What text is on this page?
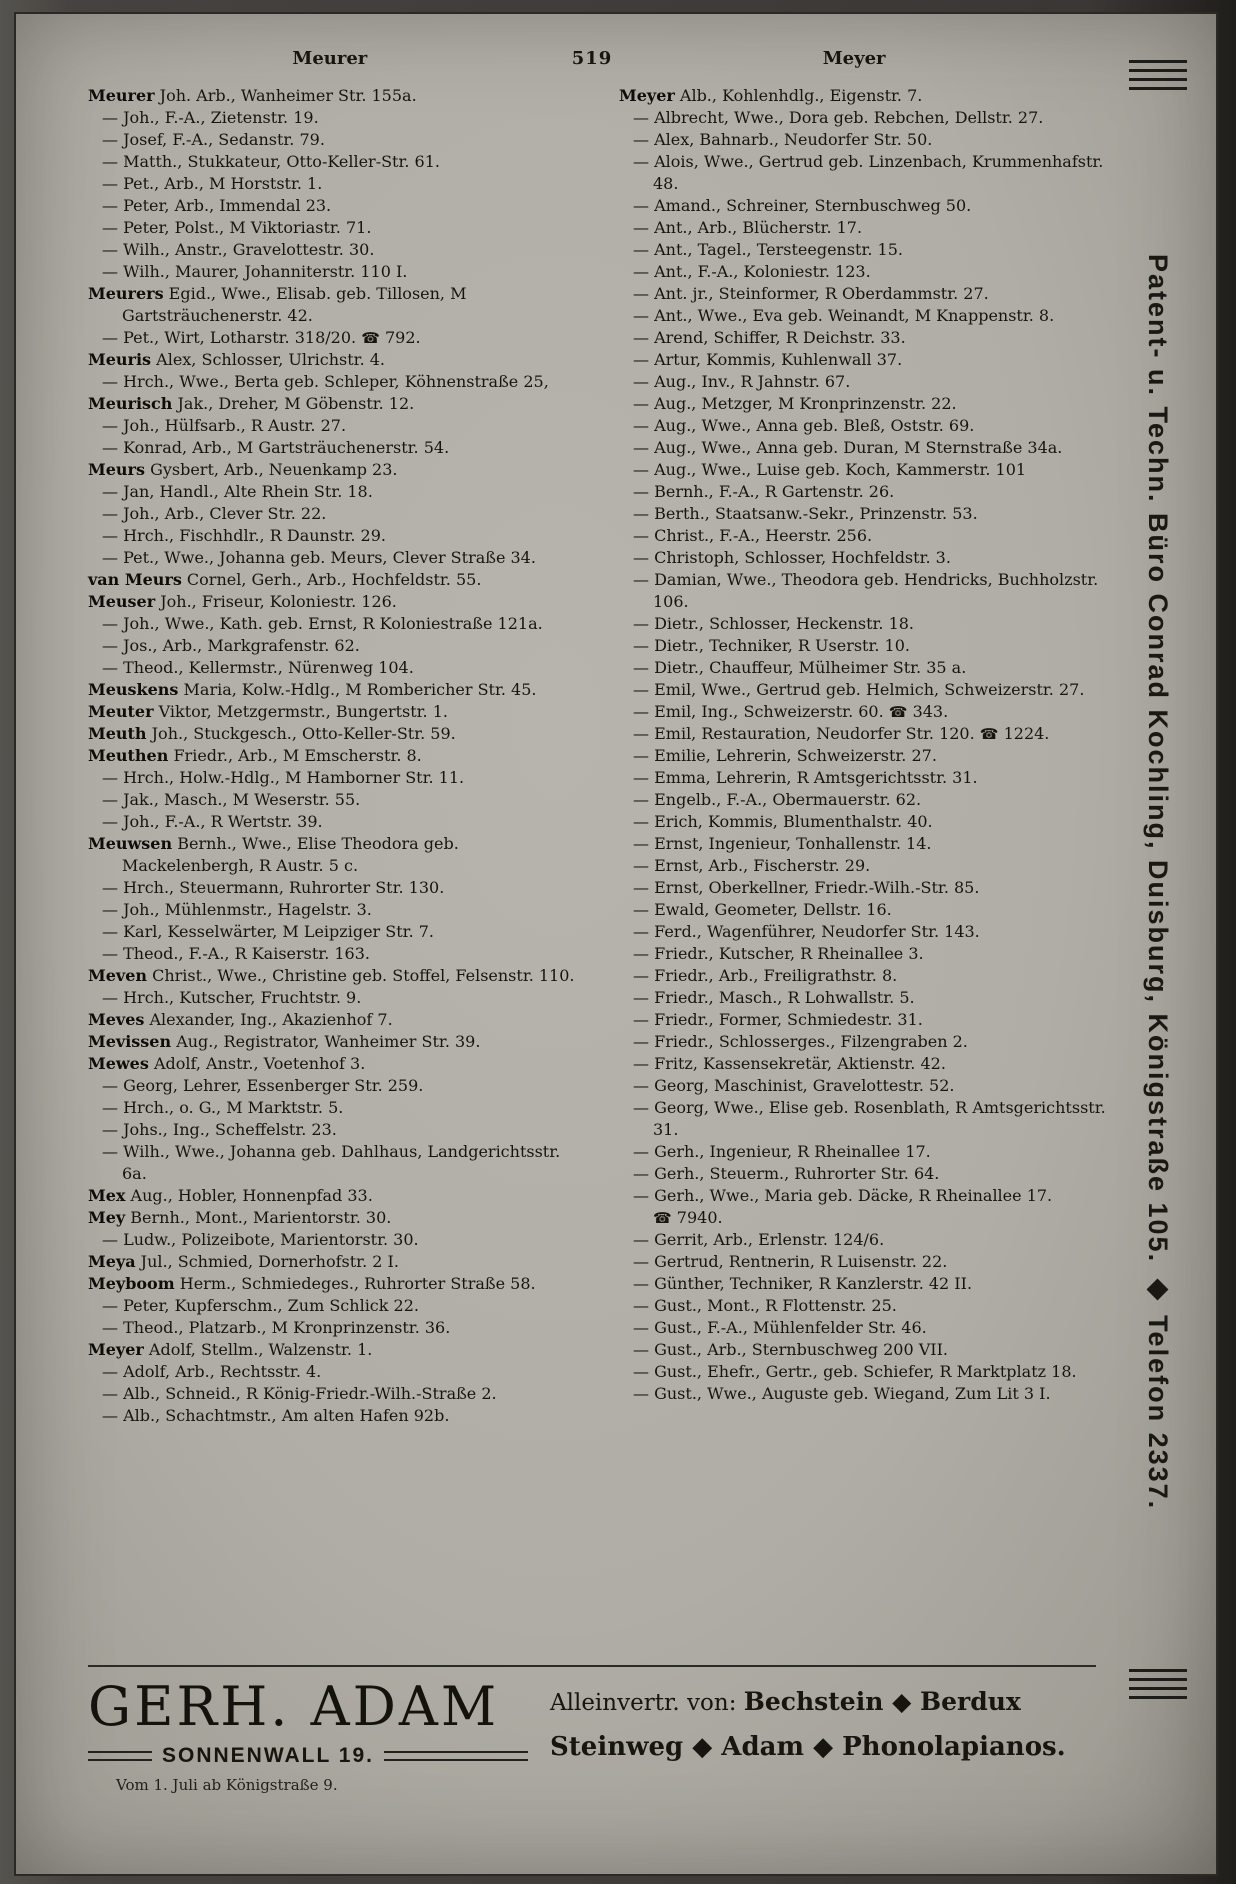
Meurer	519	Meyer

Meurer Joh. Arb., Wanheimer Str. 155a.

— Joh., F.-A., Zietenstr. 19.

— Josef, F.-A., Sedanstr. 79.

— Matth., Stukkateur, Otto-Keller-Str. 61.

— Pet., Arb., M Horststr. 1.

— Peter, Arb., Immendal 23.

— Peter, Polst., M Viktoriastr. 71.

— Wilh., Anstr., Gravelottestr. 30.

— Wilh., Maurer, Johanniterstr. 110 I.

Meurers Egid., Wwe., Elisab. geb. Tillosen, M Gartsträuchenerstr. 42.

— Pet., Wirt, Lotharstr. 318/20. ☎ 792.

Meuris Alex, Schlosser, Ulrichstr. 4.

— Hrch., Wwe., Berta geb. Schleper, Köhnenstraße 25,

Meurisch Jak., Dreher, M Göbenstr. 12.

— Joh., Hülfsarb., R Austr. 27.

— Konrad, Arb., M Gartsträuchenerstr. 54.

Meurs Gysbert, Arb., Neuenkamp 23.

— Jan, Handl., Alte Rhein Str. 18.

— Joh., Arb., Clever Str. 22.

— Hrch., Fischhdlr., R Daunstr. 29.

— Pet., Wwe., Johanna geb. Meurs, Clever Straße 34.

van Meurs Cornel, Gerh., Arb., Hochfeldstr. 55.

Meuser Joh., Friseur, Koloniestr. 126.

— Joh., Wwe., Kath. geb. Ernst, R Koloniestraße 121a.

— Jos., Arb., Markgrafenstr. 62.

— Theod., Kellermstr., Nürenweg 104.

Meuskens Maria, Kolw.-Hdlg., M Rombericher Str. 45.

Meuter Viktor, Metzgermstr., Bungertstr. 1.

Meuth Joh., Stuckgesch., Otto-Keller-Str. 59.

Meuthen Friedr., Arb., M Emscherstr. 8.

— Hrch., Holw.-Hdlg., M Hamborner Str. 11.

— Jak., Masch., M Weserstr. 55.

— Joh., F.-A., R Wertstr. 39.

Meuwsen Bernh., Wwe., Elise Theodora geb. Mackelenbergh, R Austr. 5 c.

— Hrch., Steuermann, Ruhrorter Str. 130.

— Joh., Mühlenmstr., Hagelstr. 3.

— Karl, Kesselwärter, M Leipziger Str. 7.

— Theod., F.-A., R Kaiserstr. 163.

Meven Christ., Wwe., Christine geb. Stoffel, Felsenstr. 110.

— Hrch., Kutscher, Fruchtstr. 9.

Meves Alexander, Ing., Akazienhof 7.

Mevissen Aug., Registrator, Wanheimer Str. 39.

Mewes Adolf, Anstr., Voetenhof 3.

— Georg, Lehrer, Essenberger Str. 259.

— Hrch., o. G., M Marktstr. 5.

— Johs., Ing., Scheffelstr. 23.

— Wilh., Wwe., Johanna geb. Dahlhaus, Landgerichtsstr. 6a.

Mex Aug., Hobler, Honnenpfad 33.

Mey Bernh., Mont., Marientorstr. 30.

— Ludw., Polizeibote, Marientorstr. 30.

Meya Jul., Schmied, Dornerhofstr. 2 I.

Meyboom Herm., Schmiedeges., Ruhrorter Straße 58.

— Peter, Kupferschm., Zum Schlick 22.

— Theod., Platzarb., M Kronprinzenstr. 36.

Meyer Adolf, Stellm., Walzenstr. 1.

— Adolf, Arb., Rechtsstr. 4.

— Alb., Schneid., R König-Friedr.-Wilh.-Straße 2.

— Alb., Schachtmstr., Am alten Hafen 92b.

Meyer Alb., Kohlenhdlg., Eigenstr. 7.

— Albrecht, Wwe., Dora geb. Rebchen, Dellstr. 27.

— Alex, Bahnarb., Neudorfer Str. 50.

— Alois, Wwe., Gertrud geb. Linzenbach, Krummenhafstr. 48.

— Amand., Schreiner, Sternbuschweg 50.

— Ant., Arb., Blücherstr. 17.

— Ant., Tagel., Tersteegenstr. 15.

— Ant., F.-A., Koloniestr. 123.

— Ant. jr., Steinformer, R Oberdammstr. 27.

— Ant., Wwe., Eva geb. Weinandt, M Knappenstr. 8.

— Arend, Schiffer, R Deichstr. 33.

— Artur, Kommis, Kuhlenwall 37.

— Aug., Inv., R Jahnstr. 67.

— Aug., Metzger, M Kronprinzenstr. 22.

— Aug., Wwe., Anna geb. Bleß, Oststr. 69.

— Aug., Wwe., Anna geb. Duran, M Sternstraße 34a.

— Aug., Wwe., Luise geb. Koch, Kammerstr. 101

— Bernh., F.-A., R Gartenstr. 26.

— Berth., Staatsanw.-Sekr., Prinzenstr. 53.

— Christ., F.-A., Heerstr. 256.

— Christoph, Schlosser, Hochfeldstr. 3.

— Damian, Wwe., Theodora geb. Hendricks, Buchholzstr. 106.

— Dietr., Schlosser, Heckenstr. 18.

— Dietr., Techniker, R Userstr. 10.

— Dietr., Chauffeur, Mülheimer Str. 35 a.

— Emil, Wwe., Gertrud geb. Helmich, Schweizerstr. 27.

— Emil, Ing., Schweizerstr. 60. ☎ 343.

— Emil, Restauration, Neudorfer Str. 120. ☎ 1224.

— Emilie, Lehrerin, Schweizerstr. 27.

— Emma, Lehrerin, R Amtsgerichtsstr. 31.

— Engelb., F.-A., Obermauerstr. 62.

— Erich, Kommis, Blumenthalstr. 40.

— Ernst, Ingenieur, Tonhallenstr. 14.

— Ernst, Arb., Fischerstr. 29.

— Ernst, Oberkellner, Friedr.-Wilh.-Str. 85.

— Ewald, Geometer, Dellstr. 16.

— Ferd., Wagenführer, Neudorfer Str. 143.

— Friedr., Kutscher, R Rheinallee 3.

— Friedr., Arb., Freiligrathstr. 8.

— Friedr., Masch., R Lohwallstr. 5.

— Friedr., Former, Schmiedestr. 31.

— Friedr., Schlosserges., Filzengraben 2.

— Fritz, Kassensekretär, Aktienstr. 42.

— Georg, Maschinist, Gravelottestr. 52.

— Georg, Wwe., Elise geb. Rosenblath, R Amtsgerichtsstr. 31.

— Gerh., Ingenieur, R Rheinallee 17.

— Gerh., Steuerm., Ruhrorter Str. 64.

— Gerh., Wwe., Maria geb. Däcke, R Rheinallee 17. ☎ 7940.

— Gerrit, Arb., Erlenstr. 124/6.

— Gertrud, Rentnerin, R Luisenstr. 22.

— Günther, Techniker, R Kanzlerstr. 42 II.

— Gust., Mont., R Flottenstr. 25.

— Gust., F.-A., Mühlenfelder Str. 46.

— Gust., Arb., Sternbuschweg 200 VII.

— Gust., Ehefr., Gertr., geb. Schiefer, R Marktplatz 18.

— Gust., Wwe., Auguste geb. Wiegand, Zum Lit 3 I.

GERH. ADAM
SONNENWALL 19.
Vom 1. Juli ab Königstraße 9.
Alleinvertr. von: Bechstein ◆ Berdux
Steinweg ◆ Adam ◆ Phonolapianos.
Patent- u. Techn. Büro Conrad Kochling, Duisburg, Königstraße 105. ◆ Telefon 2337.
